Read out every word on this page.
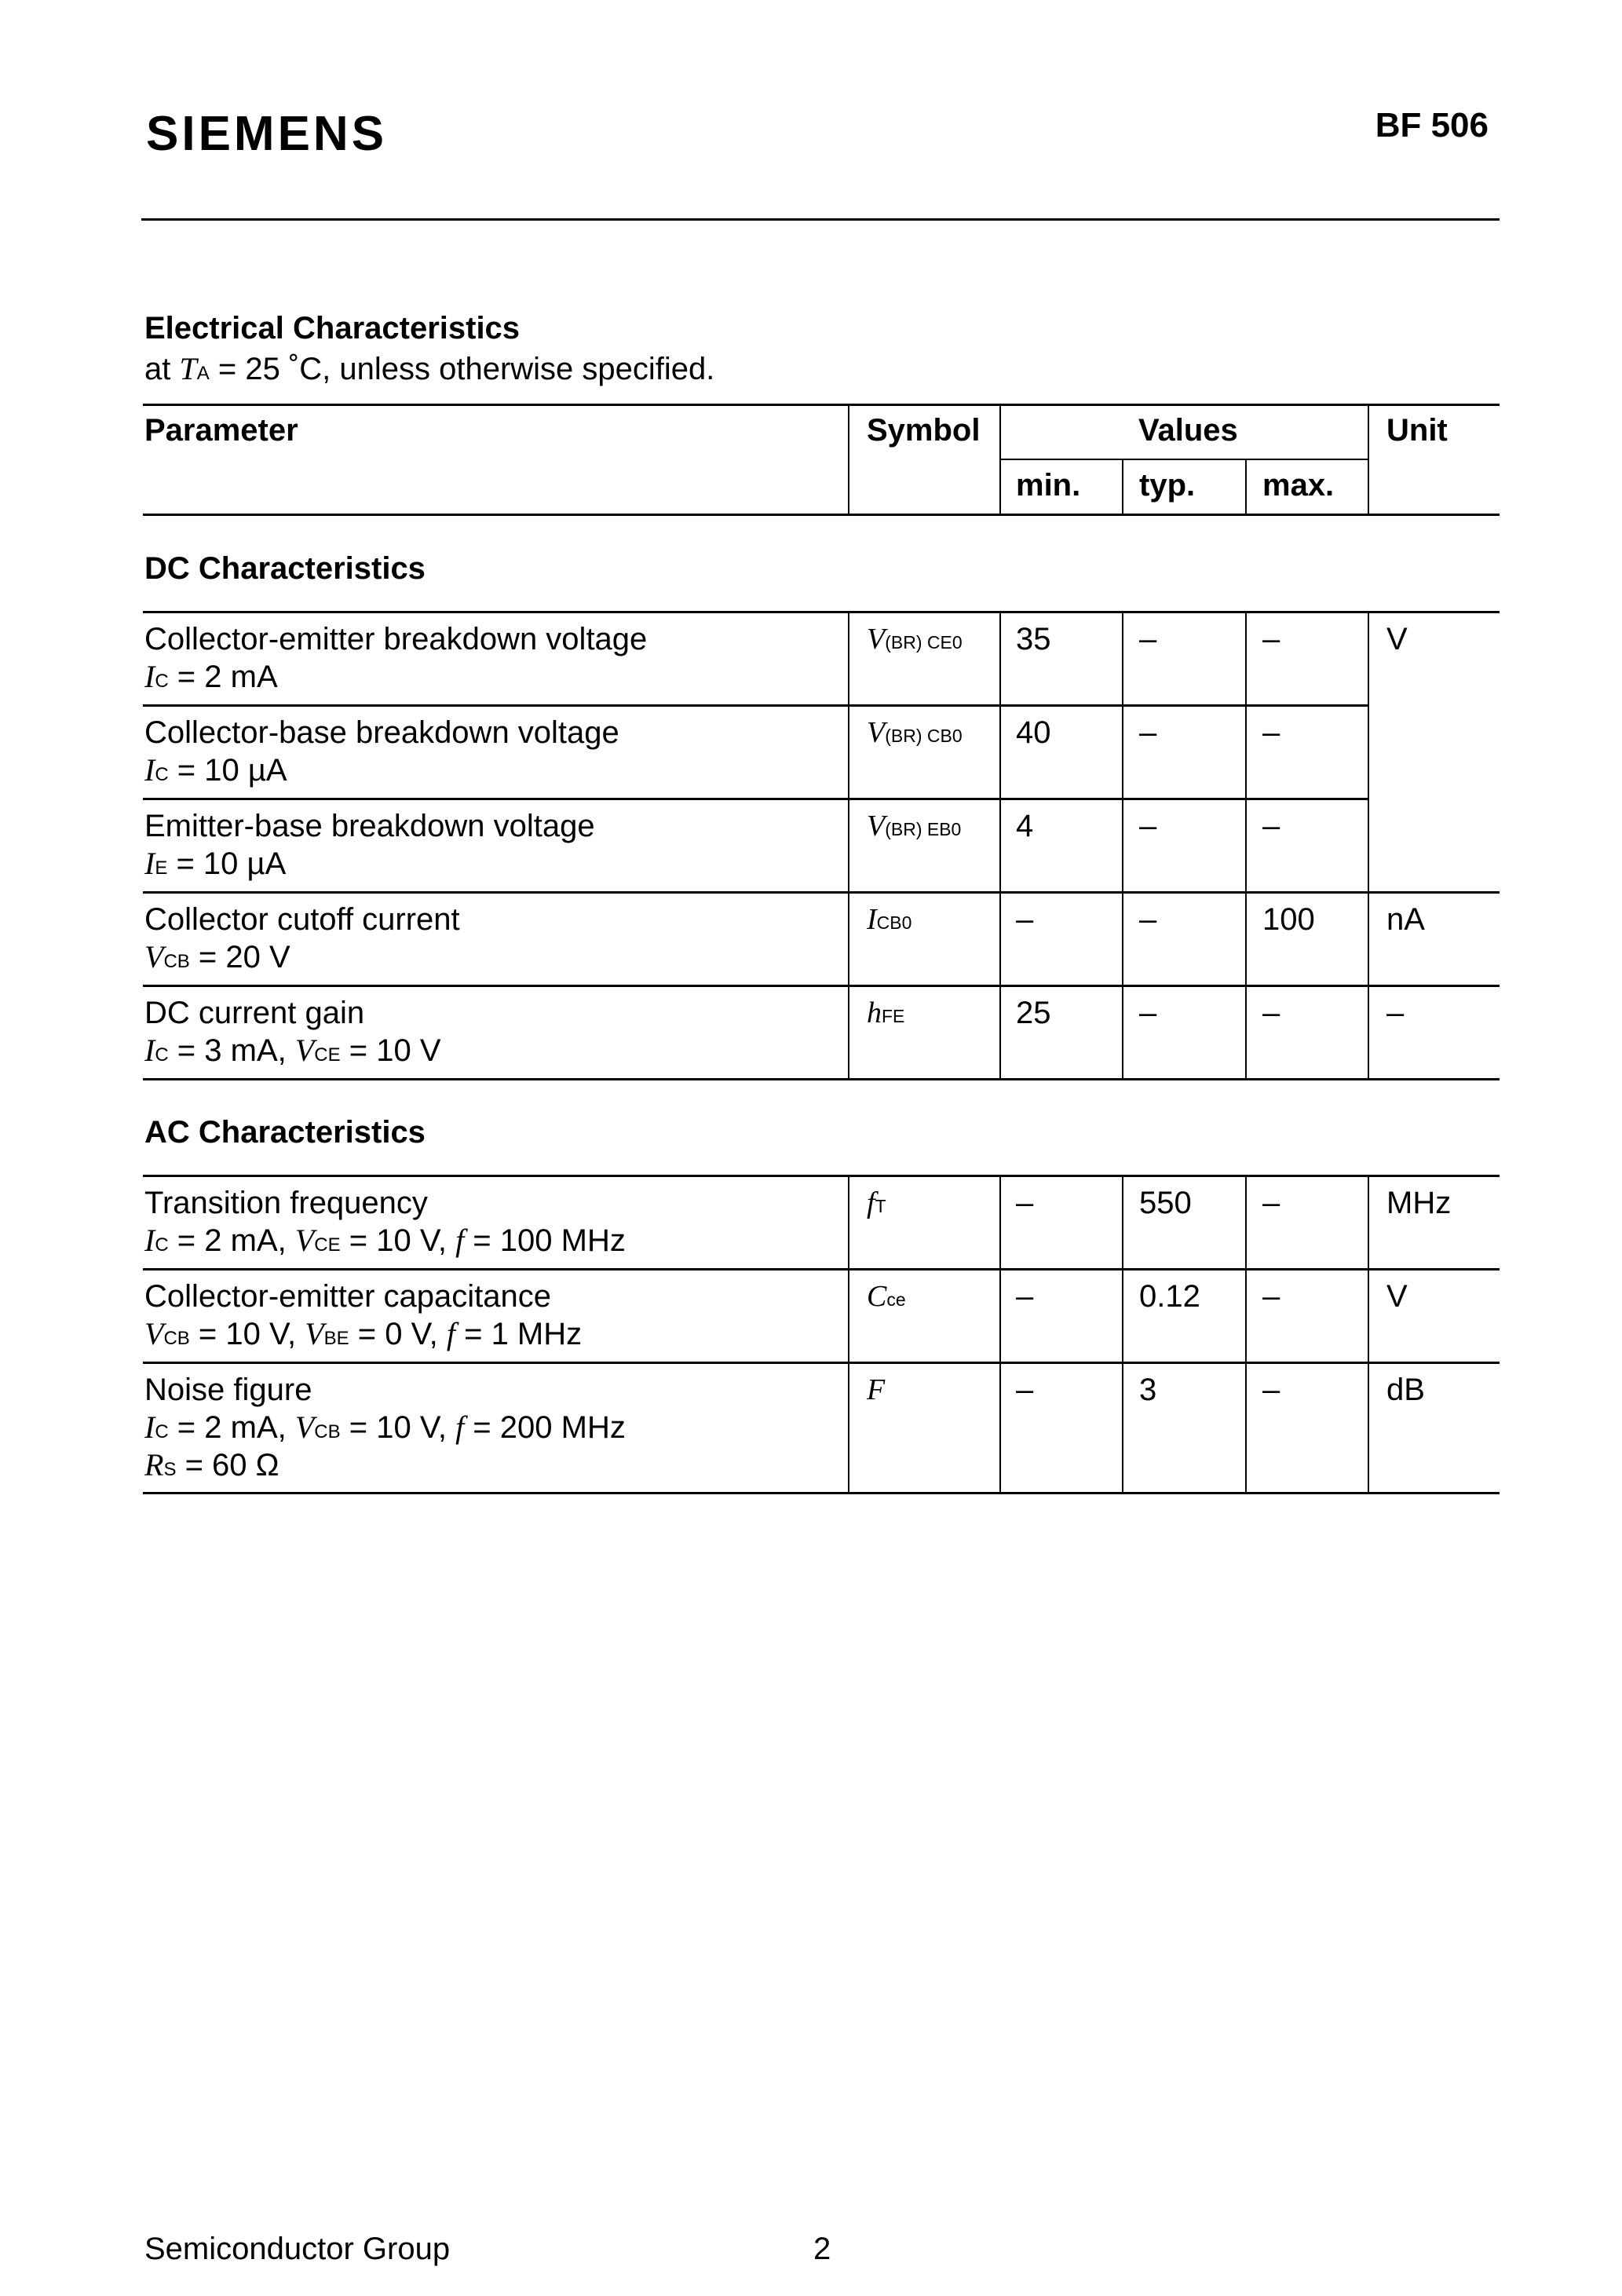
SIEMENS	BF 506
Electrical Characteristics
at TA = 25 ˚C, unless otherwise specified.
Parameter	Symbol	Values	Unit
min. typ. max.
DC Characteristics
AC Characteristics
Collector-emitter breakdown voltage
IC = 2 mA
V(BR) CE0 35	–	–	V
Collector-base breakdown voltage
IC = 10 µA
V(BR) CB0 40	–	–
Emitter-base breakdown voltage
IE = 10 µA
V(BR) EB0 4	–	–
Collector cutoff current
VCB = 20 V
ICB0	–	–	100 nA
DC current gain
IC = 3 mA, VCE = 10 V
hFE	25	–	–	–
Transition frequency
IC = 2 mA, VCE = 10 V, f = 100 MHz
fT	–	550 –	MHz
Collector-emitter capacitance
VCB = 10 V, VBE = 0 V, f = 1 MHz
Cce	–	0.12 –	V
Noise figure
IC = 2 mA, VCB = 10 V, f = 200 MHz
RS = 60 Ω
F	–	3	–	dB
Semiconductor Group	2
